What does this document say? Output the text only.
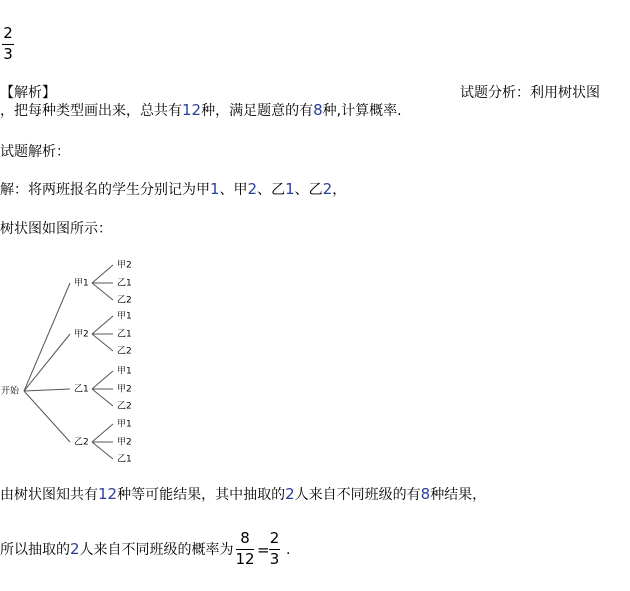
2
3
【解析】	试题分析：利用树状图
，把每种类型画出来，总共有12种，满足题意的有8种,计算概率.
试题解析：
解：将两班报名的学生分别记为甲1、甲2、乙1、乙2，
树状图如图所示：
开始
甲1
甲2
乙1
乙2
甲2
甲1
乙1
乙2
乙1
甲1
甲2
乙2
乙2
甲1
甲2
乙1
由树状图知共有12种等可能结果，其中抽取的2人来自不同班级的有8种结果，
所以抽取的2人来自不同班级的概率为
8
12 =
2
3 .
